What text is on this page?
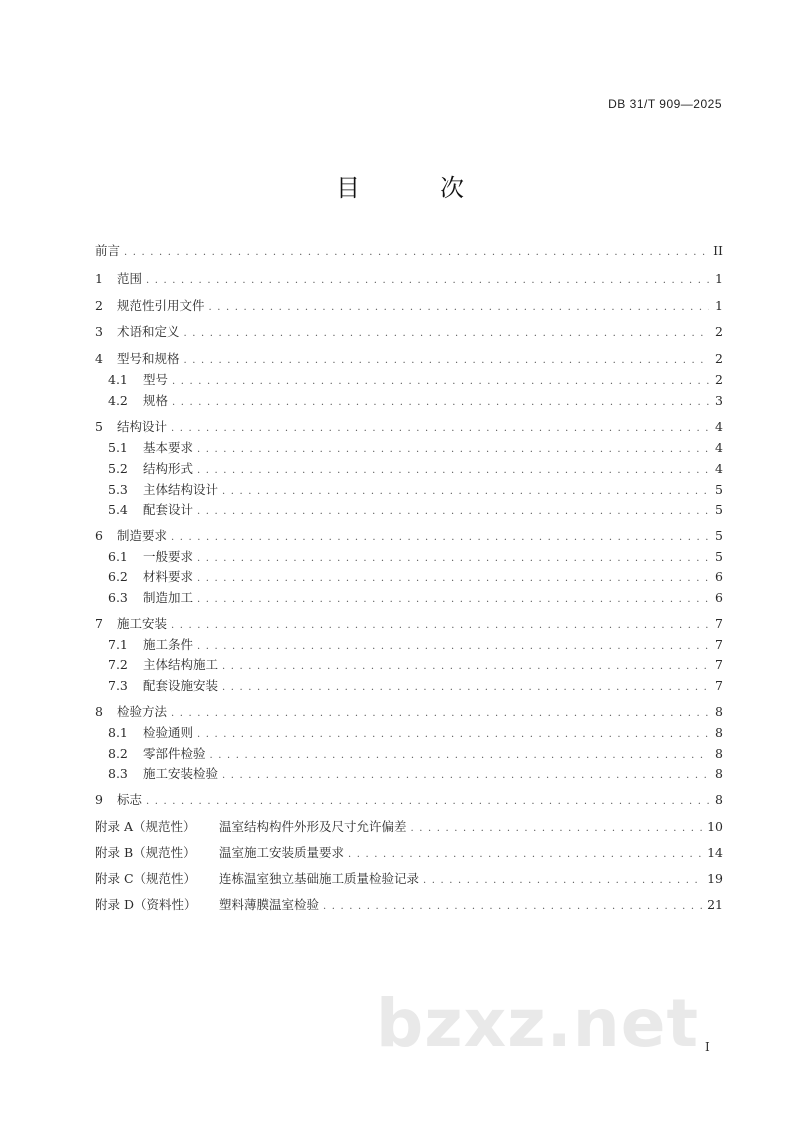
DB 31/T 909—2025
目　次
前言 . . .	II
1	范围 . . .	1
2	规范性引用文件 . . .	1
3	术语和定义 . . .	2
4	型号和规格 . . .	2
4.1	型号 . . .	2
4.2	规格 . . .	3
5	结构设计 . . .	4
5.1	基本要求 . . .	4
5.2	结构形式 . . .	4
5.3	主体结构设计 . . .	5
5.4	配套设计 . . .	5
6	制造要求 . . .	5
6.1	一般要求 . . .	5
6.2	材料要求 . . .	6
6.3	制造加工 . . .	6
7	施工安装 . . .	7
7.1	施工条件 . . .	7
7.2	主体结构施工 . . .	7
7.3	配套设施安装 . . .	7
8	检验方法 . . .	8
8.1	检验通则 . . .	8
8.2	零部件检验 . . .	8
8.3	施工安装检验 . . .	8
9	标志 . . .	8
附录 A（规范性）	温室结构构件外形及尺寸允许偏差 . . .	10
附录 B（规范性）	温室施工安装质量要求 . . .	14
附录 C（规范性）	连栋温室独立基础施工质量检验记录 . . .	19
附录 D（资料性）	塑料薄膜温室检验 . . .	21
bzxz.net I
